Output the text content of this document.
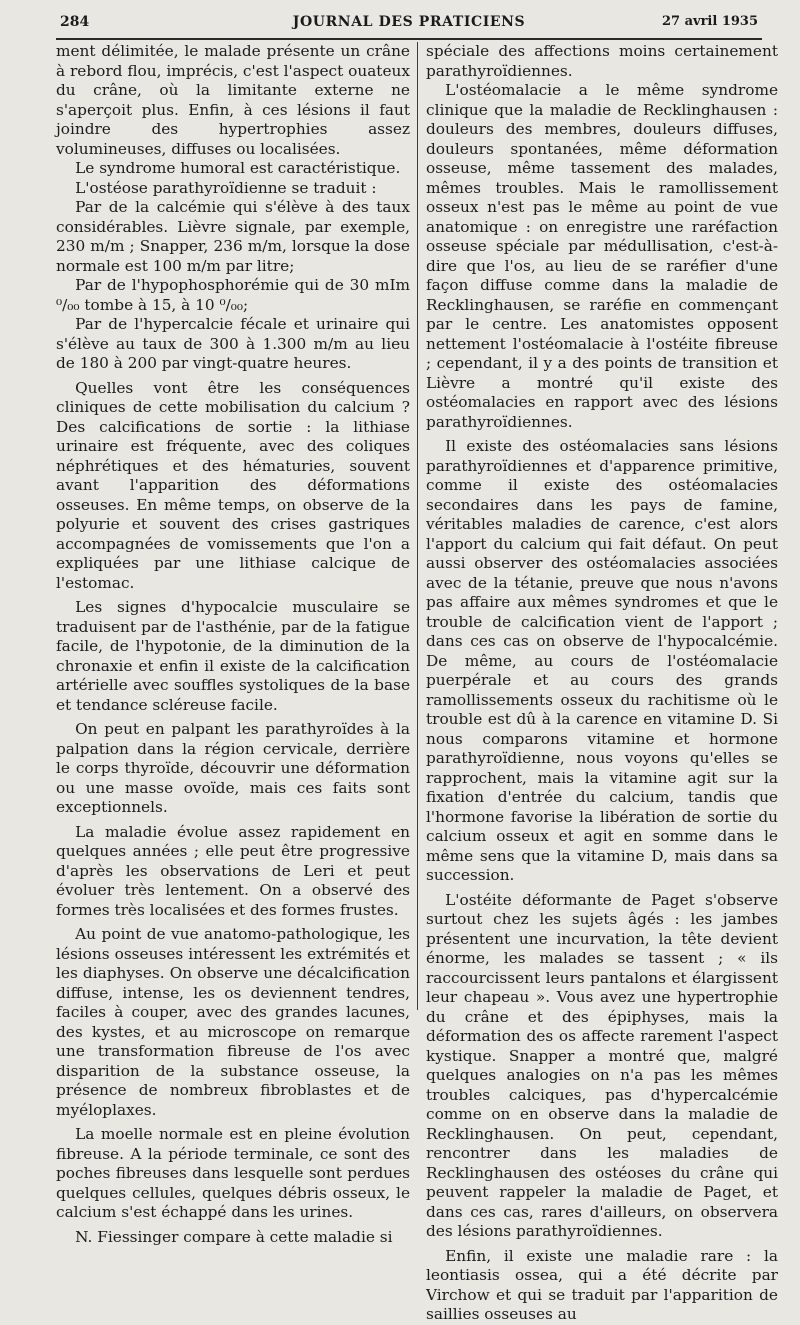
284	JOURNAL DES PRATICIENS	27 avril 1935

ment délimitée, le malade présente un crâne à rebord flou, imprécis, c'est l'aspect ouateux du crâne, où la limitante externe ne s'aperçoit plus. Enfin, à ces lésions il faut joindre des hypertrophies assez volumineuses, diffuses ou localisées.

Le syndrome humoral est caractéristique.

L'ostéose parathyroïdienne se traduit :

Par de la calcémie qui s'élève à des taux considérables. Lièvre signale, par exemple, 230 m/m ; Snapper, 236 m/m, lorsque la dose normale est 100 m/m par litre;

Par de l'hypophosphorémie qui de 30 mIm ⁰/₀₀ tombe à 15, à 10 ⁰/₀₀;

Par de l'hypercalcie fécale et urinaire qui s'élève au taux de 300 à 1.300 m/m au lieu de 180 à 200 par vingt-quatre heures.

Quelles vont être les conséquences cliniques de cette mobilisation du calcium ? Des calcifications de sortie : la lithiase urinaire est fréquente, avec des coliques néphrétiques et des hématuries, souvent avant l'apparition des déformations osseuses. En même temps, on observe de la polyurie et souvent des crises gastriques accompagnées de vomissements que l'on a expliquées par une lithiase calcique de l'estomac.

Les signes d'hypocalcie musculaire se traduisent par de l'asthénie, par de la fatigue facile, de l'hypotonie, de la diminution de la chronaxie et enfin il existe de la calcification artérielle avec souffles systoliques de la base et tendance scléreuse facile.

On peut en palpant les parathyroïdes à la palpation dans la région cervicale, derrière le corps thyroïde, découvrir une déformation ou une masse ovoïde, mais ces faits sont exceptionnels.

La maladie évolue assez rapidement en quelques années ; elle peut être progressive d'après les observations de Leri et peut évoluer très lentement. On a observé des formes très localisées et des formes frustes.

Au point de vue anatomo-pathologique, les lésions osseuses intéressent les extrémités et les diaphyses. On observe une décalcification diffuse, intense, les os deviennent tendres, faciles à couper, avec des grandes lacunes, des kystes, et au microscope on remarque une transformation fibreuse de l'os avec disparition de la substance osseuse, la présence de nombreux fibroblastes et de myéloplaxes.

La moelle normale est en pleine évolution fibreuse. A la période terminale, ce sont des poches fibreuses dans lesquelle sont perdues quelques cellules, quelques débris osseux, le calcium s'est échappé dans les urines.

N. Fiessinger compare à cette maladie si

spéciale des affections moins certainement parathyroïdiennes.

L'ostéomalacie a le même syndrome clinique que la maladie de Recklinghausen : douleurs des membres, douleurs diffuses, douleurs spontanées, même déformation osseuse, même tassement des malades, mêmes troubles. Mais le ramollissement osseux n'est pas le même au point de vue anatomique : on enregistre une raréfaction osseuse spéciale par médullisation, c'est-à-dire que l'os, au lieu de se raréfier d'une façon diffuse comme dans la maladie de Recklinghausen, se raréfie en commençant par le centre. Les anatomistes opposent nettement l'ostéomalacie à l'ostéite fibreuse ; cependant, il y a des points de transition et Lièvre a montré qu'il existe des ostéomalacies en rapport avec des lésions parathyroïdiennes.

Il existe des ostéomalacies sans lésions parathyroïdiennes et d'apparence primitive, comme il existe des ostéomalacies secondaires dans les pays de famine, véritables maladies de carence, c'est alors l'apport du calcium qui fait défaut. On peut aussi observer des ostéomalacies associées avec de la tétanie, preuve que nous n'avons pas affaire aux mêmes syndromes et que le trouble de calcification vient de l'apport ; dans ces cas on observe de l'hypocalcémie. De même, au cours de l'ostéomalacie puerpérale et au cours des grands ramollissements osseux du rachitisme où le trouble est dû à la carence en vitamine D. Si nous comparons vitamine et hormone parathyroïdienne, nous voyons qu'elles se rapprochent, mais la vitamine agit sur la fixation d'entrée du calcium, tandis que l'hormone favorise la libération de sortie du calcium osseux et agit en somme dans le même sens que la vitamine D, mais dans sa succession.

L'ostéite déformante de Paget s'observe surtout chez les sujets âgés : les jambes présentent une incurvation, la tête devient énorme, les malades se tassent ; « ils raccourcissent leurs pantalons et élargissent leur chapeau ». Vous avez une hypertrophie du crâne et des épiphyses, mais la déformation des os affecte rarement l'aspect kystique. Snapper a montré que, malgré quelques analogies on n'a pas les mêmes troubles calciques, pas d'hypercalcémie comme on en observe dans la maladie de Recklinghausen. On peut, cependant, rencontrer dans les maladies de Recklinghausen des ostéoses du crâne qui peuvent rappeler la maladie de Paget, et dans ces cas, rares d'ailleurs, on observera des lésions parathyroïdiennes.

Enfin, il existe une maladie rare : la leontiasis ossea, qui a été décrite par Virchow et qui se traduit par l'apparition de saillies osseuses au
